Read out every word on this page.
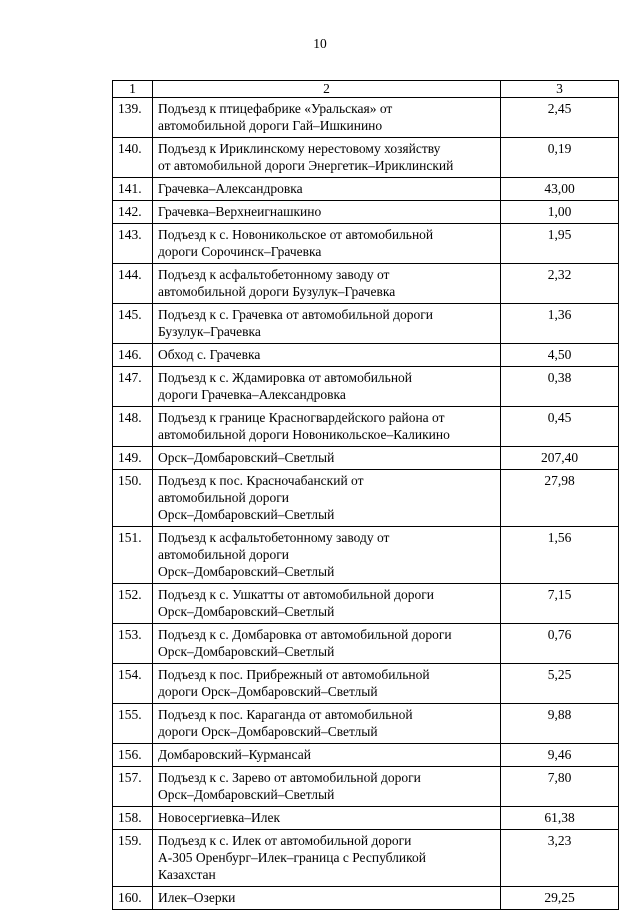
10
1	2	3
139.	Подъезд к птицефабрике «Уральская» от
автомобильной дороги Гай–Ишкинино	2,45
140.	Подъезд к Ириклинскому нерестовому хозяйству
от автомобильной дороги Энергетик–Ириклинский	0,19
141.	Грачевка–Александровка	43,00
142.	Грачевка–Верхнеигнашкино	1,00
143.	Подъезд к с. Новоникольское от автомобильной
дороги Сорочинск–Грачевка	1,95
144.	Подъезд к асфальтобетонному заводу от
автомобильной дороги Бузулук–Грачевка	2,32
145.	Подъезд к с. Грачевка от автомобильной дороги
Бузулук–Грачевка	1,36
146.	Обход с. Грачевка	4,50
147.	Подъезд к с. Ждамировка от автомобильной
дороги Грачевка–Александровка	0,38
148.	Подъезд к границе Красногвардейского района от
автомобильной дороги Новоникольское–Каликино	0,45
149.	Орск–Домбаровский–Светлый	207,40
150.	Подъезд к пос. Красночабанский от
автомобильной дороги
Орск–Домбаровский–Светлый	27,98
151.	Подъезд к асфальтобетонному заводу от
автомобильной дороги
Орск–Домбаровский–Светлый	1,56
152.	Подъезд к с. Ушкатты от автомобильной дороги
Орск–Домбаровский–Светлый	7,15
153.	Подъезд к с. Домбаровка от автомобильной дороги
Орск–Домбаровский–Светлый	0,76
154.	Подъезд к пос. Прибрежный от автомобильной
дороги Орск–Домбаровский–Светлый	5,25
155.	Подъезд к пос. Караганда от автомобильной
дороги Орск–Домбаровский–Светлый	9,88
156.	Домбаровский–Курмансай	9,46
157.	Подъезд к с. Зарево от автомобильной дороги
Орск–Домбаровский–Светлый	7,80
158.	Новосергиевка–Илек	61,38
159.	Подъезд к с. Илек от автомобильной дороги
А-305 Оренбург–Илек–граница с Республикой
Казахстан	3,23
160.	Илек–Озерки	29,25
